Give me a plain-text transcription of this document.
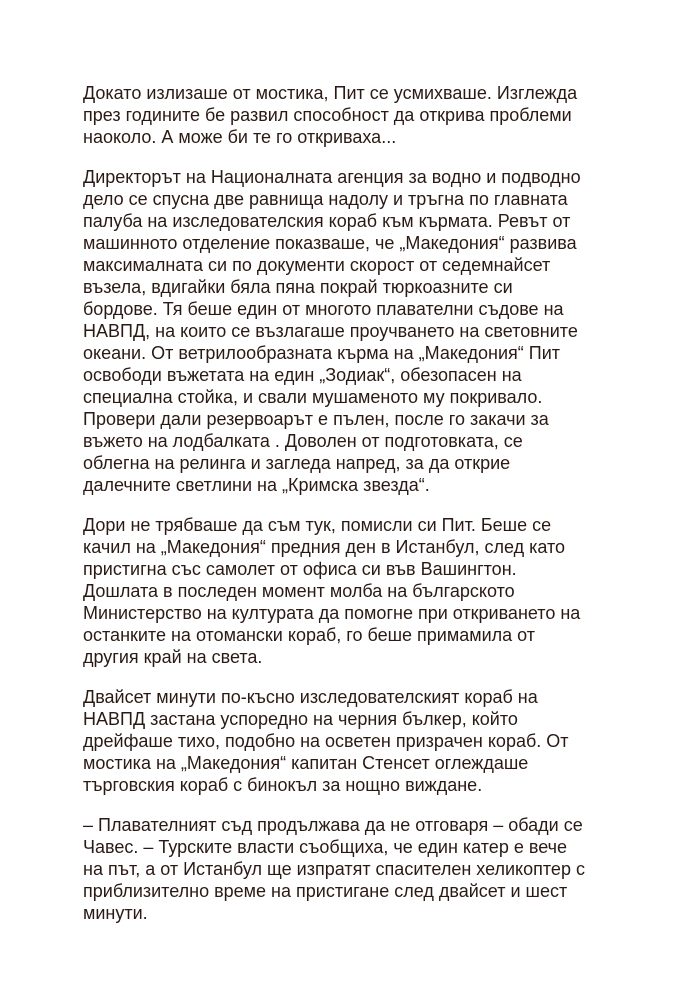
Докато излизаше от мостика, Пит се усмихваше. Изглежда
през годините бе развил способност да открива проблеми
наоколо. А може би те го откриваха...

Директорът на Националната агенция за водно и подводно
дело се спусна две равнища надолу и тръгна по главната
палуба на изследователския кораб към кърмата. Ревът от
машинното отделение показваше, че „Македония“ развива
максималната си по документи скорост от седемнайсет
възела, вдигайки бяла пяна покрай тюркоазните си
бордове. Тя беше един от многото плавателни съдове на
НАВПД, на които се възлагаше проучването на световните
океани. От ветрилообразната кърма на „Македония“ Пит
освободи въжетата на един „Зодиак“, обезопасен на
специална стойка, и свали мушаменото му покривало.
Провери дали резервоарът е пълен, после го закачи за
въжето на лодбалката . Доволен от подготовката, се
облегна на релинга и загледа напред, за да открие
далечните светлини на „Кримска звезда“.

Дори не трябваше да съм тук, помисли си Пит. Беше се
качил на „Македония“ предния ден в Истанбул, след като
пристигна със самолет от офиса си във Вашингтон.
Дошлата в последен момент молба на българското
Министерство на културата да помогне при откриването на
останките на отомански кораб, го беше примамила от
другия край на света.

Двайсет минути по-късно изследователският кораб на
НАВПД застана успоредно на черния бълкер, който
дрейфаше тихо, подобно на осветен призрачен кораб. От
мостика на „Македония“ капитан Стенсет оглеждаше
търговския кораб с бинокъл за нощно виждане.

– Плавателният съд продължава да не отговаря – обади се
Чавес. – Турските власти съобщиха, че един катер е вече
на път, а от Истанбул ще изпратят спасителен хеликоптер с
приблизително време на пристигане след двайсет и шест
минути.
